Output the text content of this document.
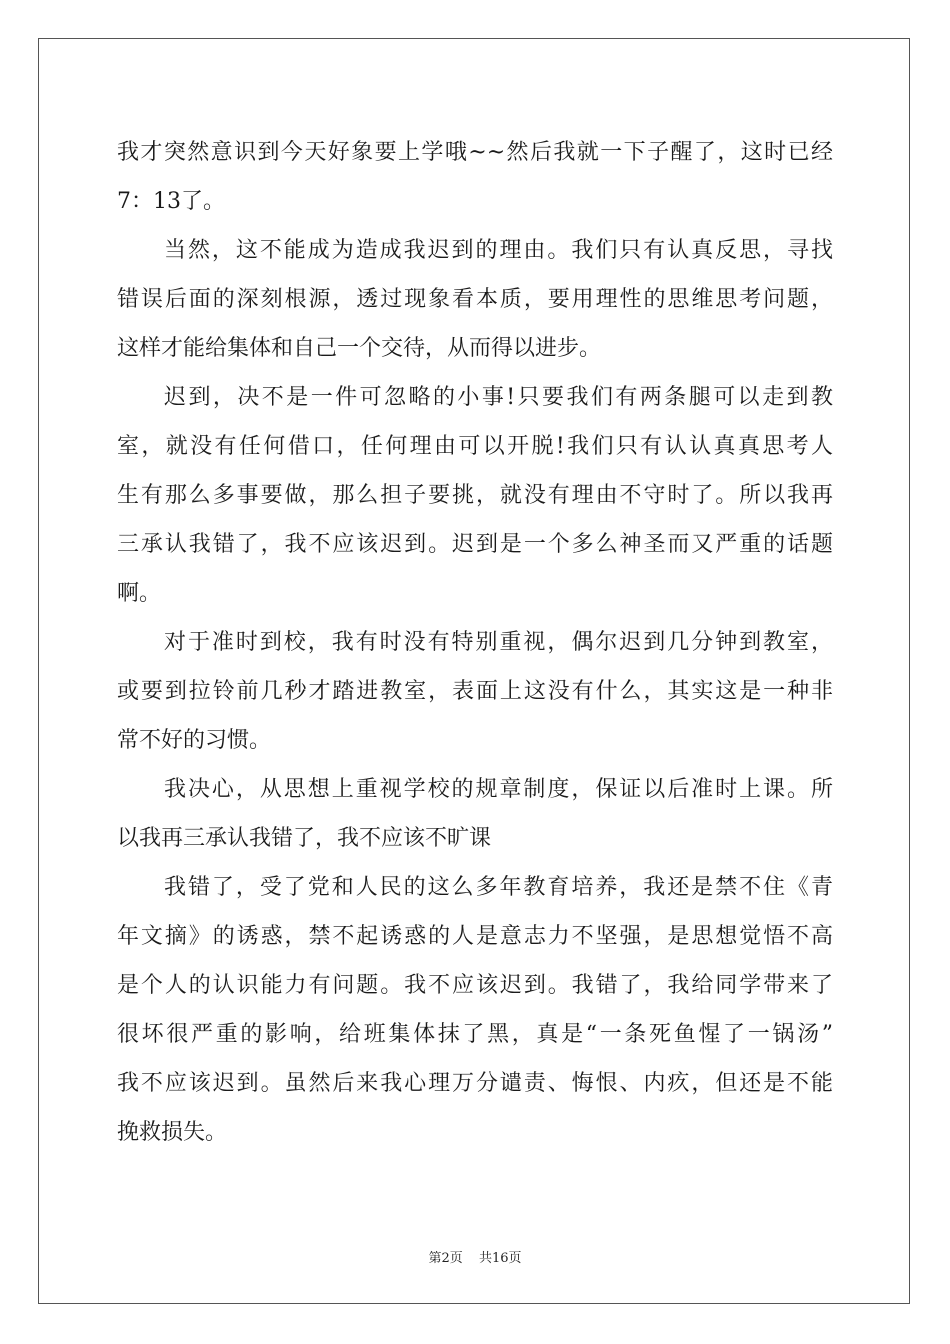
我才突然意识到今天好象要上学哦~~然后我就一下子醒了，这时已经
7：13了。
当然，这不能成为造成我迟到的理由。我们只有认真反思，寻找
错误后面的深刻根源，透过现象看本质，要用理性的思维思考问题，
这样才能给集体和自己一个交待，从而得以进步。
迟到，决不是一件可忽略的小事!只要我们有两条腿可以走到教
室，就没有任何借口，任何理由可以开脱!我们只有认认真真思考人
生有那么多事要做，那么担子要挑，就没有理由不守时了。所以我再
三承认我错了，我不应该迟到。迟到是一个多么神圣而又严重的话题
啊。
对于准时到校，我有时没有特别重视，偶尔迟到几分钟到教室，
或要到拉铃前几秒才踏进教室，表面上这没有什么，其实这是一种非
常不好的习惯。
我决心，从思想上重视学校的规章制度，保证以后准时上课。所
以我再三承认我错了，我不应该不旷课
我错了，受了党和人民的这么多年教育培养，我还是禁不住《青
年文摘》的诱惑，禁不起诱惑的人是意志力不坚强，是思想觉悟不高
是个人的认识能力有问题。我不应该迟到。我错了，我给同学带来了
很坏很严重的影响，给班集体抹了黑，真是“一条死鱼惺了一锅汤”
我不应该迟到。虽然后来我心理万分谴责、悔恨、内疚，但还是不能
挽救损失。
第2页 共16页
